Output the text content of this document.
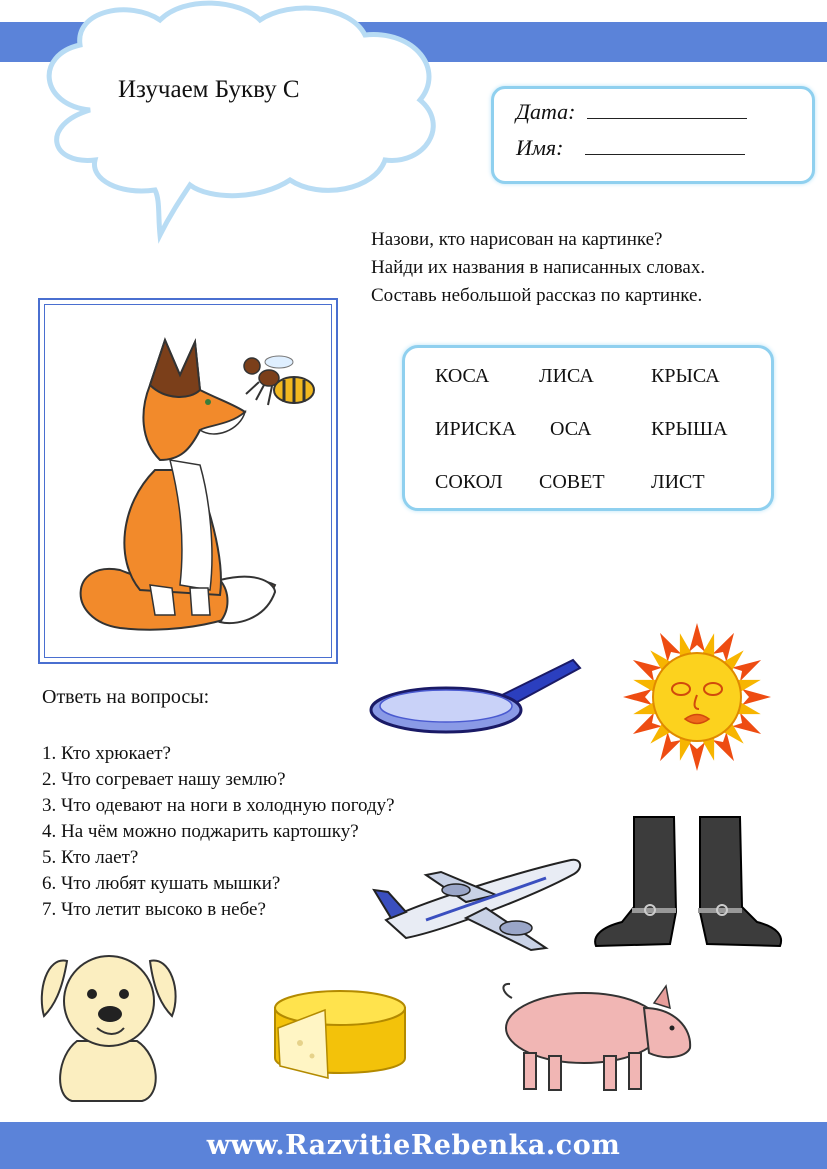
Изучаем Букву С
Дата:
Имя:
Назови, кто нарисован на картинке?
Найди их названия в написанных словах.
Составь небольшой рассказ по картинке.
КОСА ЛИСА	КРЫСА
ИРИСКА ОСА	КРЫША
СОКОЛ СОВЕТ ЛИСТ
Ответь на вопросы:
1. Кто хрюкает?
2. Что согревает нашу землю?
3. Что одевают на ноги в холодную погоду?
4. На чём можно поджарить картошку?
5. Кто лает?
6. Что любят кушать мышки?
7. Что летит высоко в небе?
www.RazvitieRebenka.com
